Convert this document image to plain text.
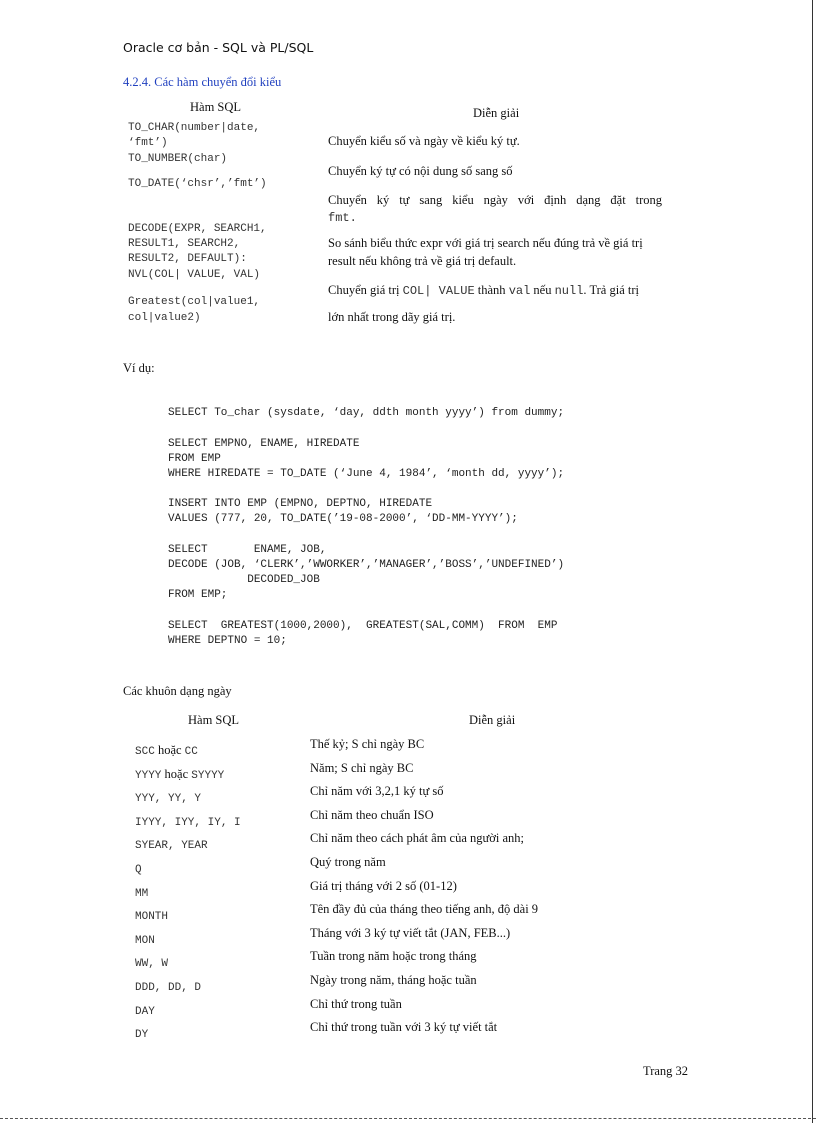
Oracle cơ bản - SQL và PL/SQL
4.2.4. Các hàm chuyển đổi kiểu
Hàm SQL	Diễn giải
TO_CHAR(number|date,
‘fmt’)
TO_NUMBER(char)
TO_DATE(‘chsr’,’fmt’)
DECODE(EXPR, SEARCH1,
RESULT1, SEARCH2,
RESULT2, DEFAULT):
NVL(COL| VALUE, VAL)
Greatest(col|value1,
col|value2)
Chuyển kiểu số và ngày về kiểu ký tự.
Chuyển ký tự có nội dung số sang số
Chuyển ký tự sang kiểu ngày với định dạng đặt trong
fmt.
So sánh biểu thức expr với giá trị search nếu đúng trả về giá trị
result nếu không trả về giá trị default.
Chuyển giá trị COL| VALUE thành val nếu null. Trả giá trị
lớn nhất trong dãy giá trị.
Ví dụ:
SELECT To_char (sysdate, ‘day, ddth month yyyy’) from dummy;
SELECT EMPNO, ENAME, HIREDATE
FROM EMP
WHERE HIREDATE = TO_DATE (‘June 4, 1984’, ‘month dd, yyyy’);
INSERT INTO EMP (EMPNO, DEPTNO, HIREDATE
VALUES (777, 20, TO_DATE(’19-08-2000’, ‘DD-MM-YYYY’);
SELECT       ENAME, JOB,
DECODE (JOB, ‘CLERK’,’WWORKER’,’MANAGER’,’BOSS’,’UNDEFINED’)
DECODED_JOB
FROM EMP;
SELECT  GREATEST(1000,2000),  GREATEST(SAL,COMM)  FROM  EMP
WHERE DEPTNO = 10;
Các khuôn dạng ngày
Hàm SQL	Diễn giải
SCC hoặc CC
Thế kỷ; S chỉ ngày BC
YYYY hoặc SYYYY
Năm; S chỉ ngày BC
YYY, YY, Y
Chỉ năm với 3,2,1 ký tự số
IYYY, IYY, IY, I
Chỉ năm theo chuẩn ISO
SYEAR, YEAR
Chỉ năm theo cách phát âm của người anh;
Q
Quý trong năm
MM
Giá trị tháng với 2 số (01-12)
MONTH
Tên đầy đủ của tháng theo tiếng anh, độ dài 9
MON
Tháng với 3 ký tự viết tắt (JAN, FEB...)
WW, W
Tuần trong năm hoặc trong tháng
DDD, DD, D
Ngày trong năm, tháng hoặc tuần
DAY
Chỉ thứ trong tuần
DY
Chỉ thứ trong tuần với 3 ký tự viết tắt
Trang 32
